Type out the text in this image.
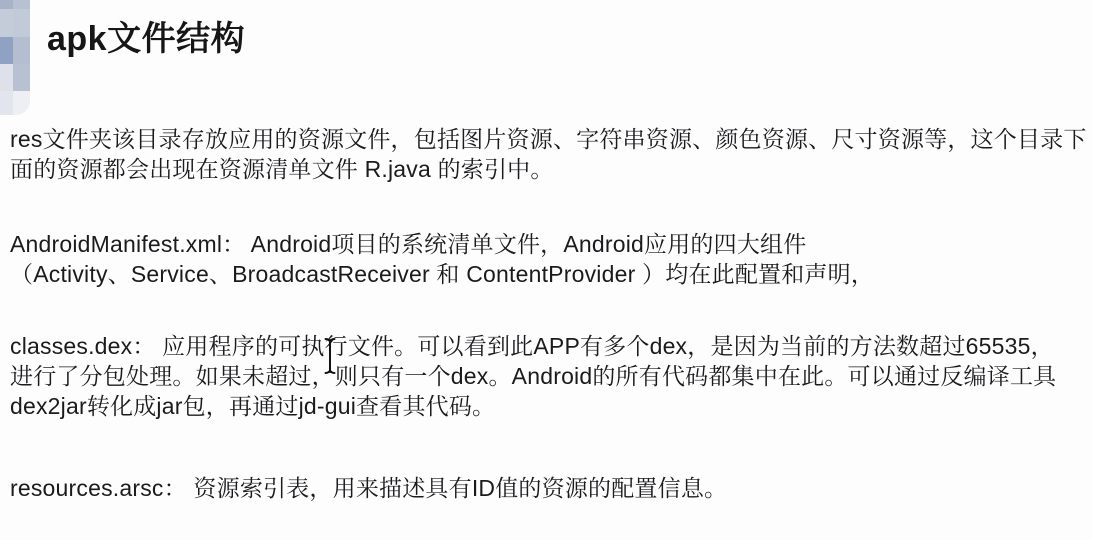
apk文件结构
res文件夹该目录存放应用的资源文件，包括图片资源、字符串资源、颜色资源、尺寸资源等，这个目录下
面的资源都会出现在资源清单文件 R.java 的索引中。
AndroidManifest.xml： Android项目的系统清单文件，Android应用的四大组件
（Activity、Service、BroadcastReceiver 和 ContentProvider ）均在此配置和声明，
classes.dex： 应用程序的可执行文件。可以看到此APP有多个dex，是因为当前的方法数超过65535，
进行了分包处理。如果未超过，则只有一个dex。Android的所有代码都集中在此。可以通过反编译工具
dex2jar转化成jar包，再通过jd-gui查看其代码。
resources.arsc： 资源索引表，用来描述具有ID值的资源的配置信息。
